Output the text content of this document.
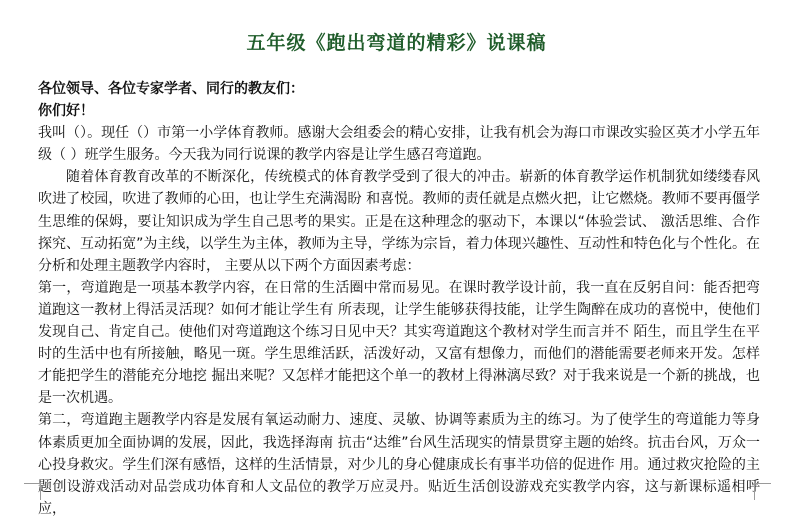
五年级《跑出弯道的精彩》说课稿

各位领导、各位专家学者、同行的教友们：

你们好！

我叫（）。现任（）市第一小学体育教师。感谢大会组委会的精心安排，让我有机会为海口市课改实验区英才小学五年级（ ）班学生服务。今天我为同行说课的教学内容是让学生感召弯道跑。

随着体育教育改革的不断深化，传统模式的体育教学受到了很大的冲击。崭新的体育教学运作机制犹如缕缕春风吹进了校园，吹进了教师的心田，也让学生充满渴盼 和喜悦。教师的责任就是点燃火把，让它燃烧。教师不要再僵学生思维的保姆，要让知识成为学生自己思考的果实。正是在这种理念的驱动下，本课以“体验尝试、 激活思维、合作探究、互动拓宽”为主线，以学生为主体，教师为主导，学练为宗旨，着力体现兴趣性、互动性和特色化与个性化。在分析和处理主题教学内容时， 主要从以下两个方面因素考虑：

第一，弯道跑是一项基本教学内容，在日常的生活圈中常而易见。在课时教学设计前，我一直在反躬自问：能否把弯道跑这一教材上得活灵活现？如何才能让学生有 所表现，让学生能够获得技能，让学生陶醉在成功的喜悦中，使他们发现自己、肯定自己。使他们对弯道跑这个练习日见中天？其实弯道跑这个教材对学生而言并不 陌生，而且学生在平时的生活中也有所接触，略见一斑。学生思维活跃，活泼好动，又富有想像力，而他们的潜能需要老师来开发。怎样才能把学生的潜能充分地挖 掘出来呢？又怎样才能把这个单一的教材上得淋漓尽致？对于我来说是一个新的挑战，也是一次机遇。

第二，弯道跑主题教学内容是发展有氧运动耐力、速度、灵敏、协调等素质为主的练习。为了使学生的弯道能力等身体素质更加全面协调的发展，因此，我选择海南 抗击“达维”台风生活现实的情景贯穿主题的始终。抗击台风，万众一心投身救灾。学生们深有感悟，这样的生活情景，对少儿的身心健康成长有事半功倍的促进作 用。通过救灾抢险的主题创设游戏活动对品尝成功体育和人文品位的教学万应灵丹。贴近生活创设游戏充实教学内容，这与新课标遥相呼应，
